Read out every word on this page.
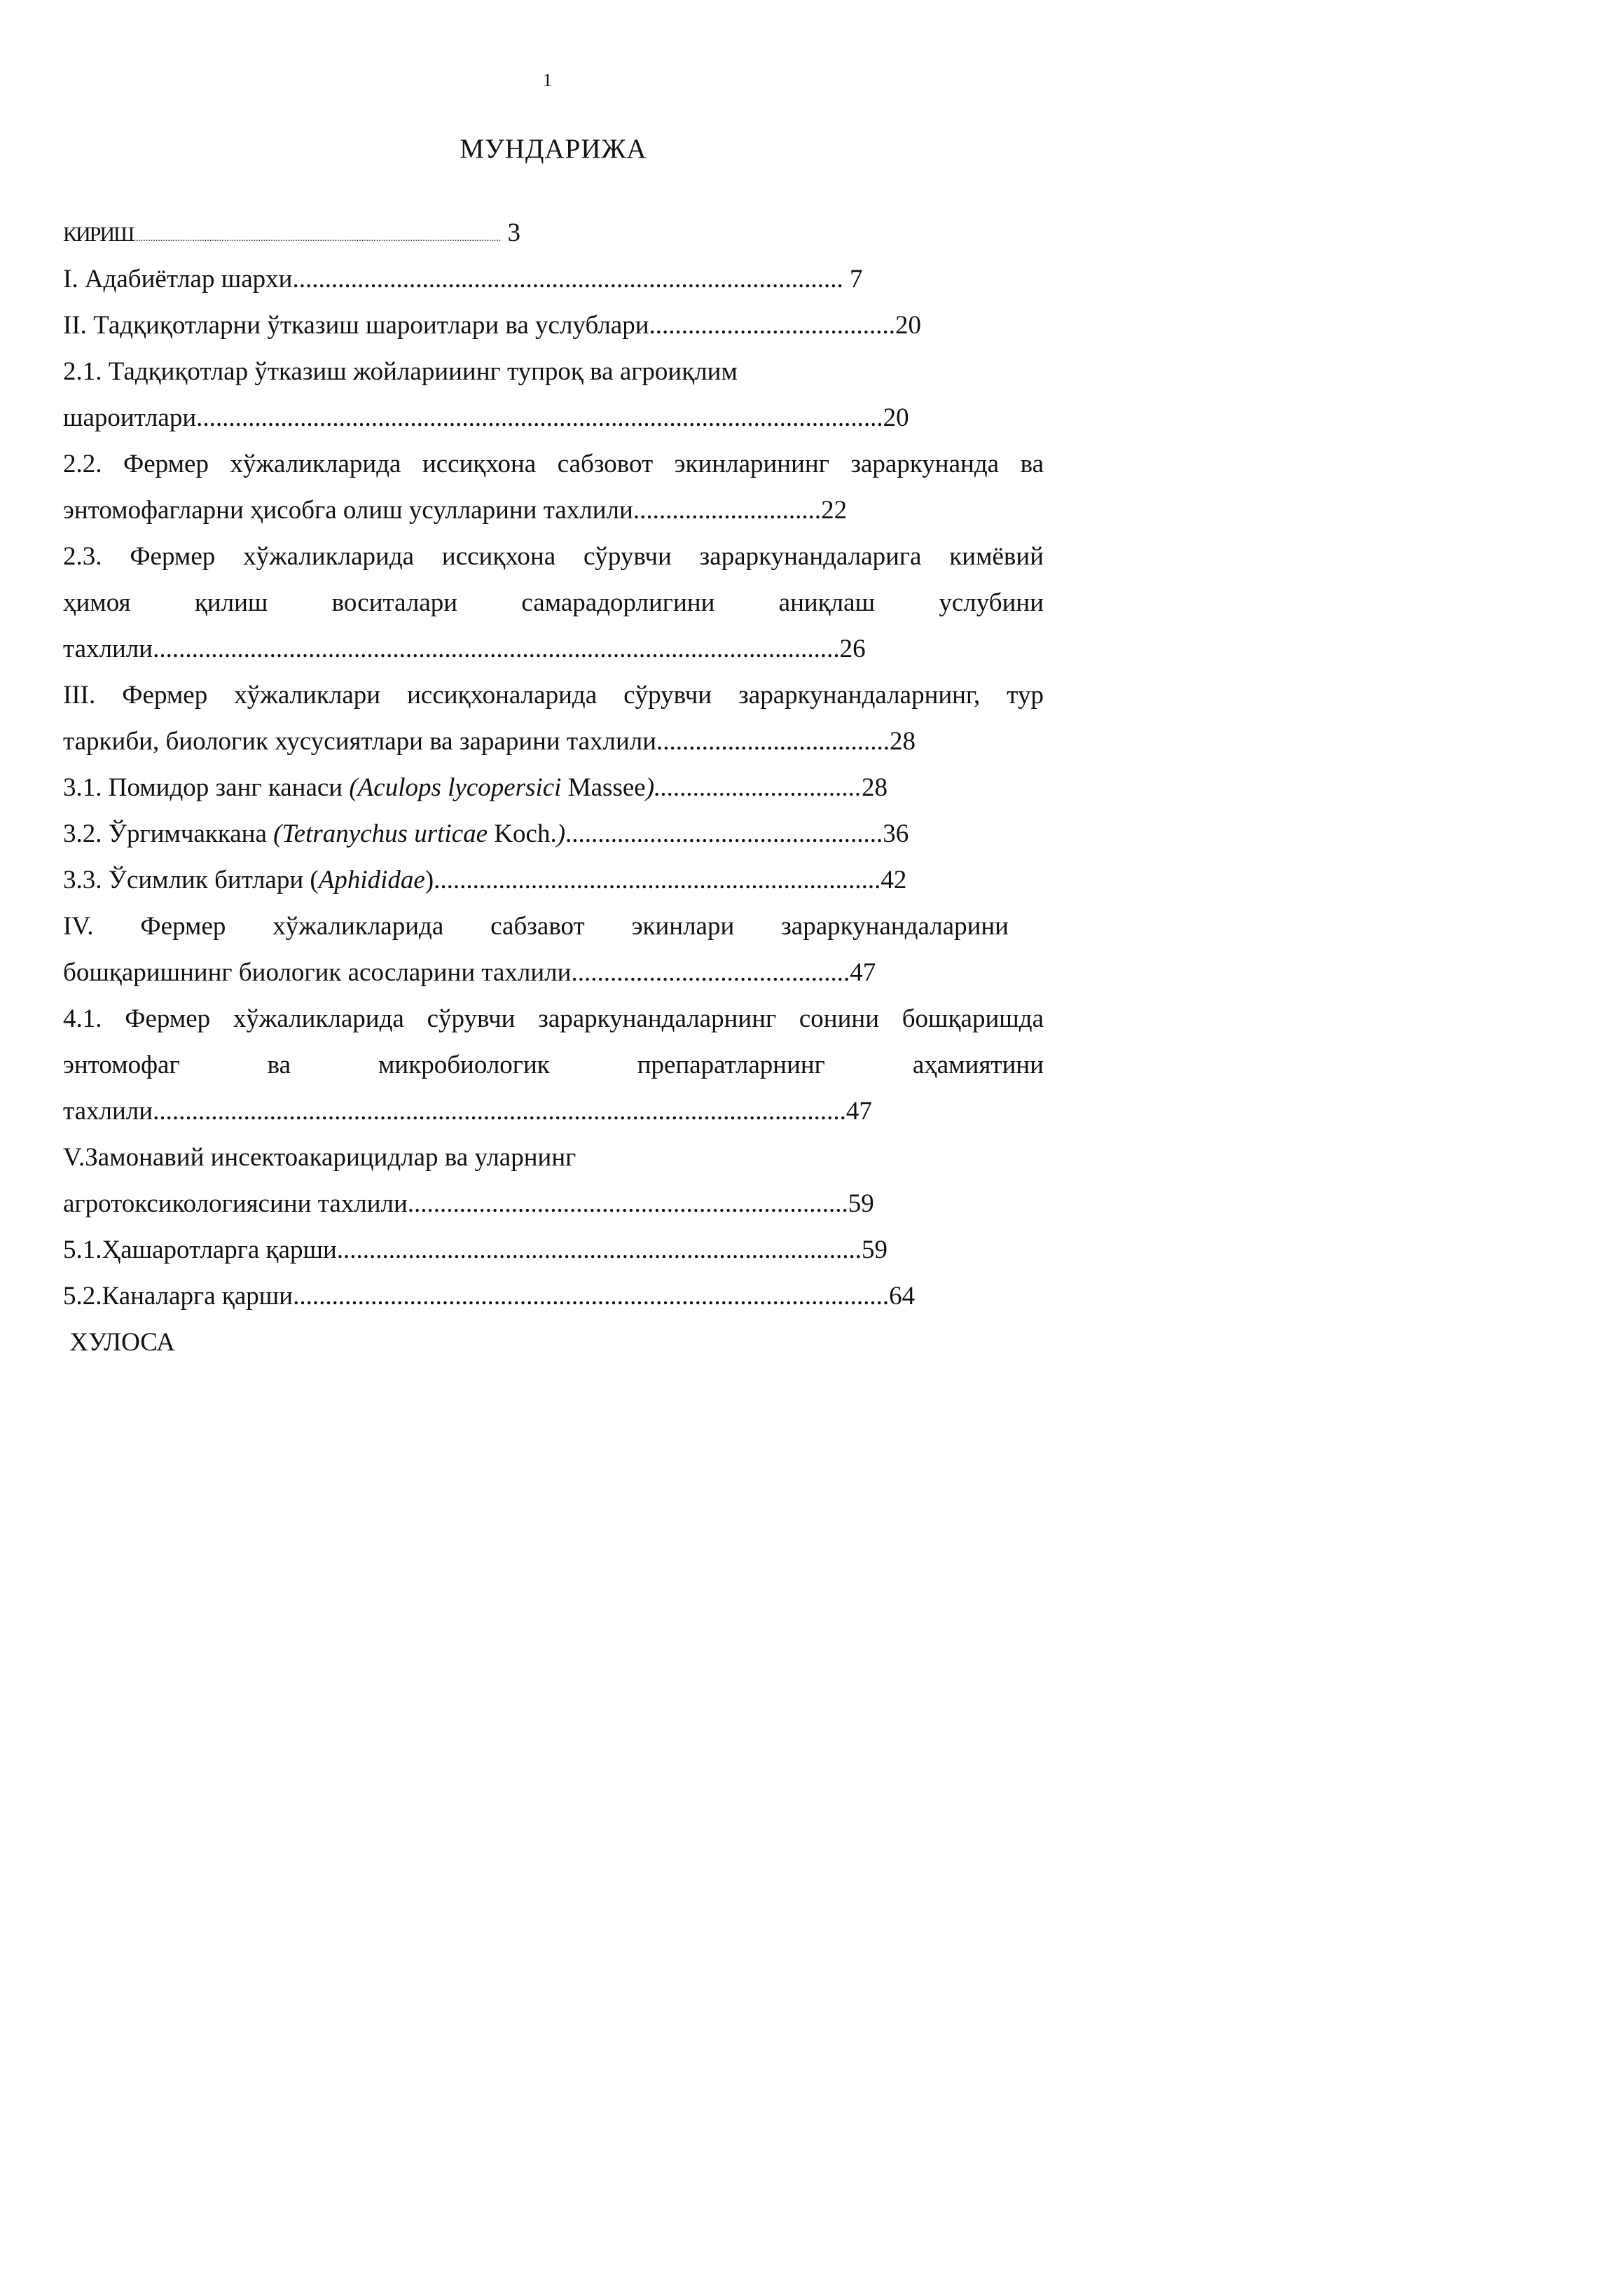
1
МУНДАРИЖА
КИРИШ...................................................................................................................................................... 3
I. Адабиётлар шархи..................................................................................... 7
II. Тадқиқотларни ўтказиш шароитлари ва услублари......................................20
2.1. Тадқиқотлар ўтказиш жойларииинг тупроқ ва агроиқлим
шароитлари..........................................................................................................20
2.2. Фермер хўжаликларида иссиқхона сабзовот экинларининг зараркунанда ва
энтомофагларни ҳисобга олиш усулларини тахлили.............................22
2.3. Фермер хўжаликларида иссиқхона сўрувчи зараркунандаларига кимёвий
ҳимоя қилиш воситалари самарадорлигини аниқлаш услубини
тахлили..........................................................................................................26
III. Фермер хўжаликлари иссиқхоналарида сўрувчи зараркунандаларнинг, тур
таркиби, биологик хусусиятлари ва зарарини тахлили....................................28
3.1. Помидор занг канаси (Aculops lycopersici Massee)................................28
3.2. Ўргимчаккана (Tetranychus urticae Koch.).................................................36
3.3. Ўсимлик битлари (Aphididae).....................................................................42
IV. Фермер хўжаликларида сабзавот экинлари зараркунандаларини
бошқаришнинг биологик асосларини тахлили...........................................47
4.1. Фермер хўжаликларида сўрувчи зараркунандаларнинг сонини бошқаришда
энтомофаг ва микробиологик препаратларнинг аҳамиятини
тахлили...........................................................................................................47
V.Замонавий инсектоакарицидлар ва уларнинг
агротоксикологиясини тахлили....................................................................59
5.1.Ҳашаротларга қарши.................................................................................59
5.2.Каналарга қарши............................................................................................64
ХУЛОСА
